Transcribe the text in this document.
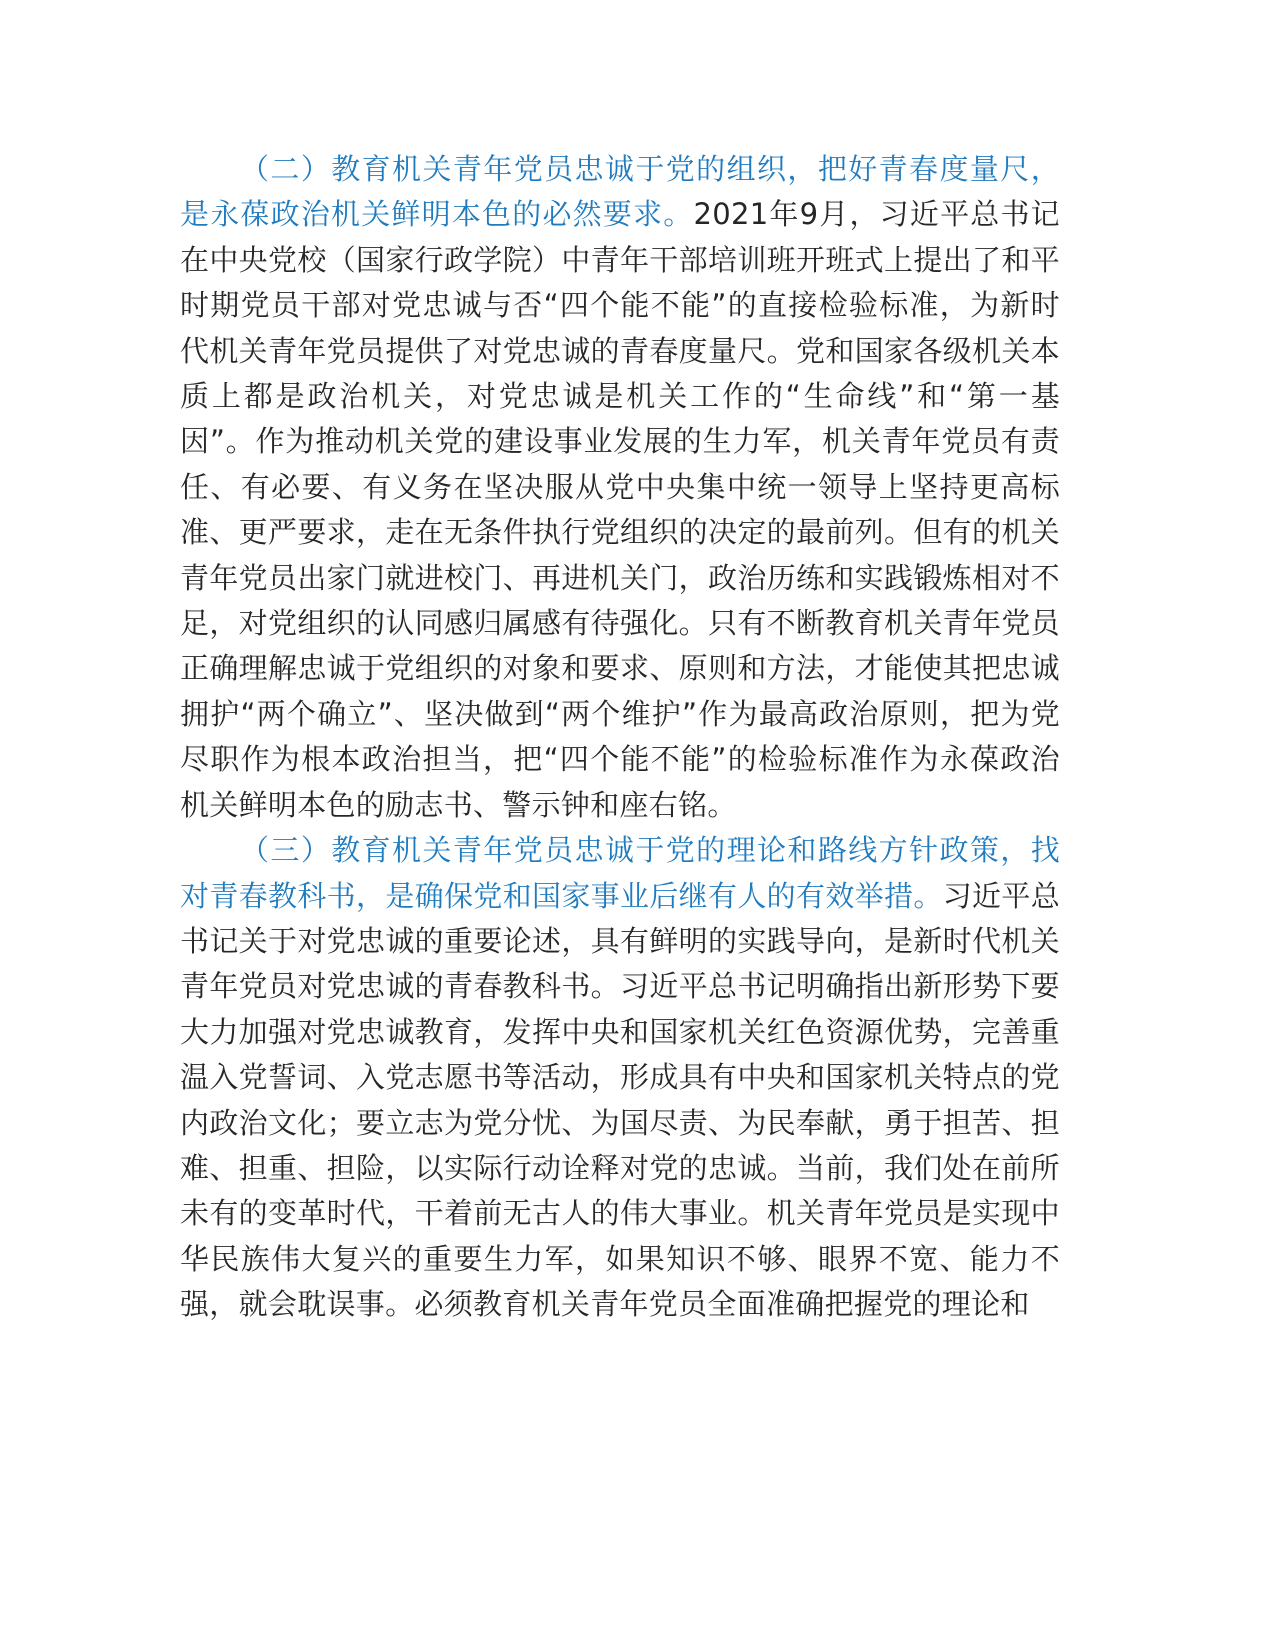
（二）教育机关青年党员忠诚于党的组织，把好青春度量尺，是永葆政治机关鲜明本色的必然要求。2021年9月，习近平总书记在中央党校（国家行政学院）中青年干部培训班开班式上提出了和平时期党员干部对党忠诚与否“四个能不能”的直接检验标准，为新时代机关青年党员提供了对党忠诚的青春度量尺。党和国家各级机关本质上都是政治机关，对党忠诚是机关工作的“生命线”和“第一基因”。作为推动机关党的建设事业发展的生力军，机关青年党员有责任、有必要、有义务在坚决服从党中央集中统一领导上坚持更高标准、更严要求，走在无条件执行党组织的决定的最前列。但有的机关青年党员出家门就进校门、再进机关门，政治历练和实践锻炼相对不足，对党组织的认同感归属感有待强化。只有不断教育机关青年党员正确理解忠诚于党组织的对象和要求、原则和方法，才能使其把忠诚拥护“两个确立”、坚决做到“两个维护”作为最高政治原则，把为党尽职作为根本政治担当，把“四个能不能”的检验标准作为永葆政治机关鲜明本色的励志书、警示钟和座右铭。

（三）教育机关青年党员忠诚于党的理论和路线方针政策，找对青春教科书，是确保党和国家事业后继有人的有效举措。习近平总书记关于对党忠诚的重要论述，具有鲜明的实践导向，是新时代机关青年党员对党忠诚的青春教科书。习近平总书记明确指出新形势下要大力加强对党忠诚教育，发挥中央和国家机关红色资源优势，完善重温入党誓词、入党志愿书等活动，形成具有中央和国家机关特点的党内政治文化；要立志为党分忧、为国尽责、为民奉献，勇于担苦、担难、担重、担险，以实际行动诠释对党的忠诚。当前，我们处在前所未有的变革时代，干着前无古人的伟大事业。机关青年党员是实现中华民族伟大复兴的重要生力军，如果知识不够、眼界不宽、能力不强，就会耽误事。必须教育机关青年党员全面准确把握党的理论和
